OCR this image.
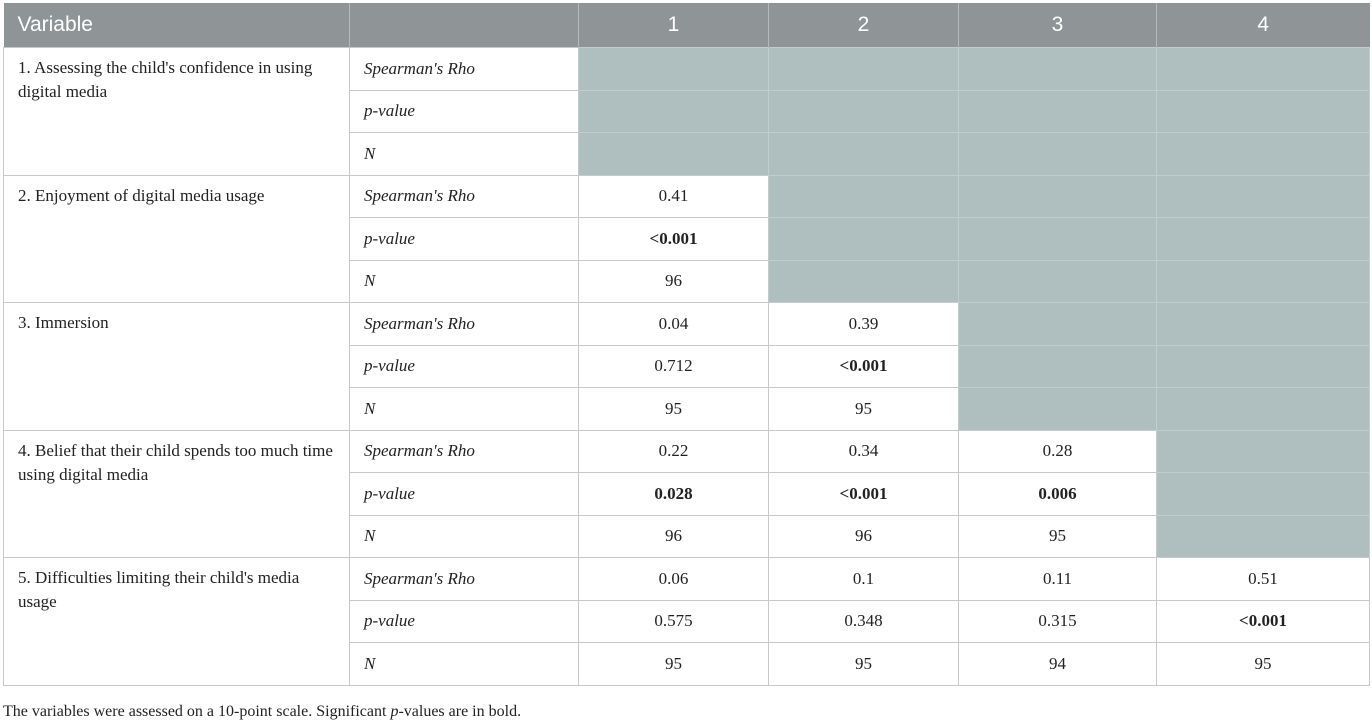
Variable		1	2	3	4
1. Assessing the child's confidence in using digital media	Spearman's Rho				
	p-value				
	N				
2. Enjoyment of digital media usage	Spearman's Rho	0.41			
	p-value	<0.001			
	N	96			
3. Immersion	Spearman's Rho	0.04	0.39		
	p-value	0.712	<0.001		
	N	95	95		
4. Belief that their child spends too much time using digital media	Spearman's Rho	0.22	0.34	0.28	
	p-value	0.028	<0.001	0.006	
	N	96	96	95	
5. Difficulties limiting their child's media usage	Spearman's Rho	0.06	0.1	0.11	0.51
	p-value	0.575	0.348	0.315	<0.001
	N	95	95	94	95
The variables were assessed on a 10-point scale. Significant p-values are in bold.
